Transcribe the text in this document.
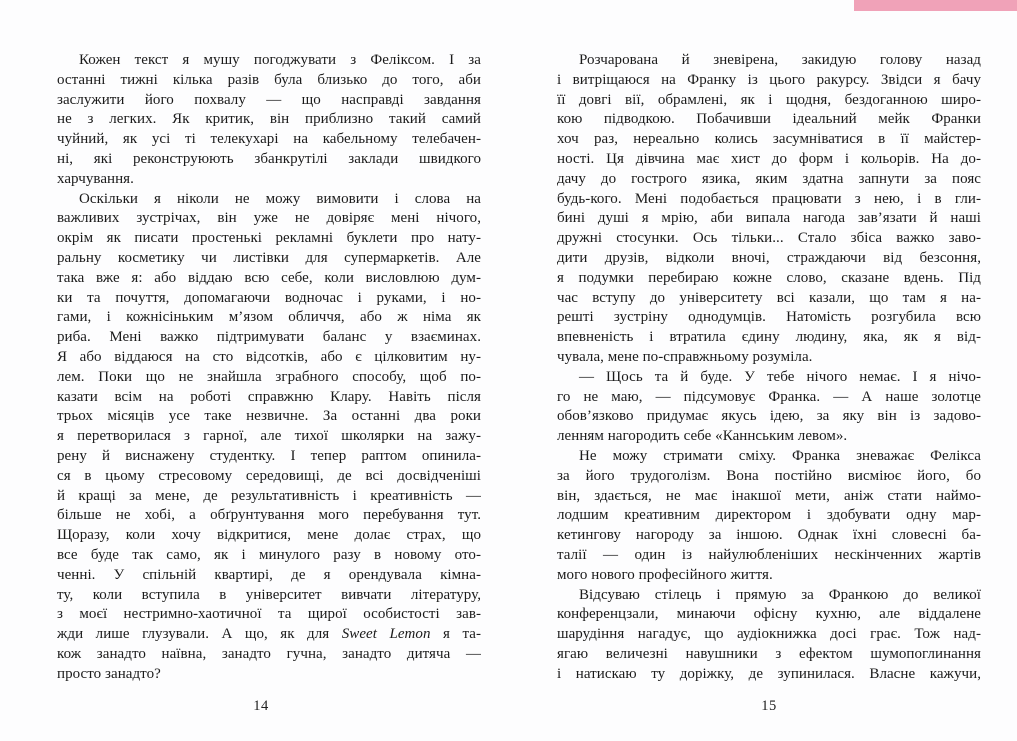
Кожен текст я мушу погоджувати з Феліксом. І за
останні тижні кілька разів була близько до того, аби
заслужити його похвалу — що насправді завдання
не з легких. Як критик, він приблизно такий самий
чуйний, як усі ті телекухарі на кабельному телебачен-
ні, які реконструюють збанкрутілі заклади швидкого
харчування.
Оскільки я ніколи не можу вимовити і слова на
важливих зустрічах, він уже не довіряє мені нічого,
окрім як писати простенькі рекламні буклети про нату-
ральну косметику чи листівки для супермаркетів. Але
така вже я: або віддаю всю себе, коли висловлюю дум-
ки та почуття, допомагаючи водночас і руками, і но-
гами, і кожнісіньким м’язом обличчя, або ж німа як
риба. Мені важко підтримувати баланс у взаєминах.
Я або віддаюся на сто відсотків, або є цілковитим ну-
лем. Поки що не знайшла зграбного способу, щоб по-
казати всім на роботі справжню Клару. Навіть після
трьох місяців усе таке незвичне. За останні два роки
я перетворилася з гарної, але тихої школярки на зажу-
рену й виснажену студентку. І тепер раптом опинила-
ся в цьому стресовому середовищі, де всі досвідченіші
й кращі за мене, де результативність і креативність —
більше не хобі, а обґрунтування мого перебування тут.
Щоразу, коли хочу відкритися, мене долає страх, що
все буде так само, як і минулого разу в новому ото-
ченні. У спільній квартирі, де я орендувала кімна-
ту, коли вступила в університет вивчати літературу,
з моєї нестримно-хаотичної та щирої особистості зав-
жди лише глузували. А що, як для Sweet Lemon я та-
кож занадто наївна, занадто гучна, занадто дитяча —
просто занадто?
Розчарована й зневірена, закидую голову назад
і витріщаюся на Франку із цього ракурсу. Звідси я бачу
її довгі вії, обрамлені, як і щодня, бездоганною широ-
кою підводкою. Побачивши ідеальний мейк Франки
хоч раз, нереально колись засумніватися в її майстер-
ності. Ця дівчина має хист до форм і кольорів. На до-
дачу до гострого язика, яким здатна запнути за пояс
будь-кого. Мені подобається працювати з нею, і в гли-
бині душі я мрію, аби випала нагода зав’язати й наші
дружні стосунки. Ось тільки... Стало збіса важко заво-
дити друзів, відколи вночі, страждаючи від безсоння,
я подумки перебираю кожне слово, сказане вдень. Під
час вступу до університету всі казали, що там я на-
решті зустріну однодумців. Натомість розгубила всю
впевненість і втратила єдину людину, яка, як я від-
чувала, мене по-справжньому розуміла.
— Щось та й буде. У тебе нічого немає. І я нічо-
го не маю, — підсумовує Франка. — А наше золотце
обов’язково придумає якусь ідею, за яку він із задово-
ленням нагородить себе «Каннським левом».
Не можу стримати сміху. Франка зневажає Фелікса
за його трудоголізм. Вона постійно висміює його, бо
він, здається, не має інакшої мети, аніж стати наймо-
лодшим креативним директором і здобувати одну мар-
кетингову нагороду за іншою. Однак їхні словесні ба-
талії — один із найулюбленіших нескінченних жартів
мого нового професійного життя.
Відсуваю стілець і прямую за Франкою до великої
конференцзали, минаючи офісну кухню, але віддалене
шарудіння нагадує, що аудіокнижка досі грає. Тож над-
ягаю величезні навушники з ефектом шумопоглинання
і натискаю ту доріжку, де зупинилася. Власне кажучи,
14	15
